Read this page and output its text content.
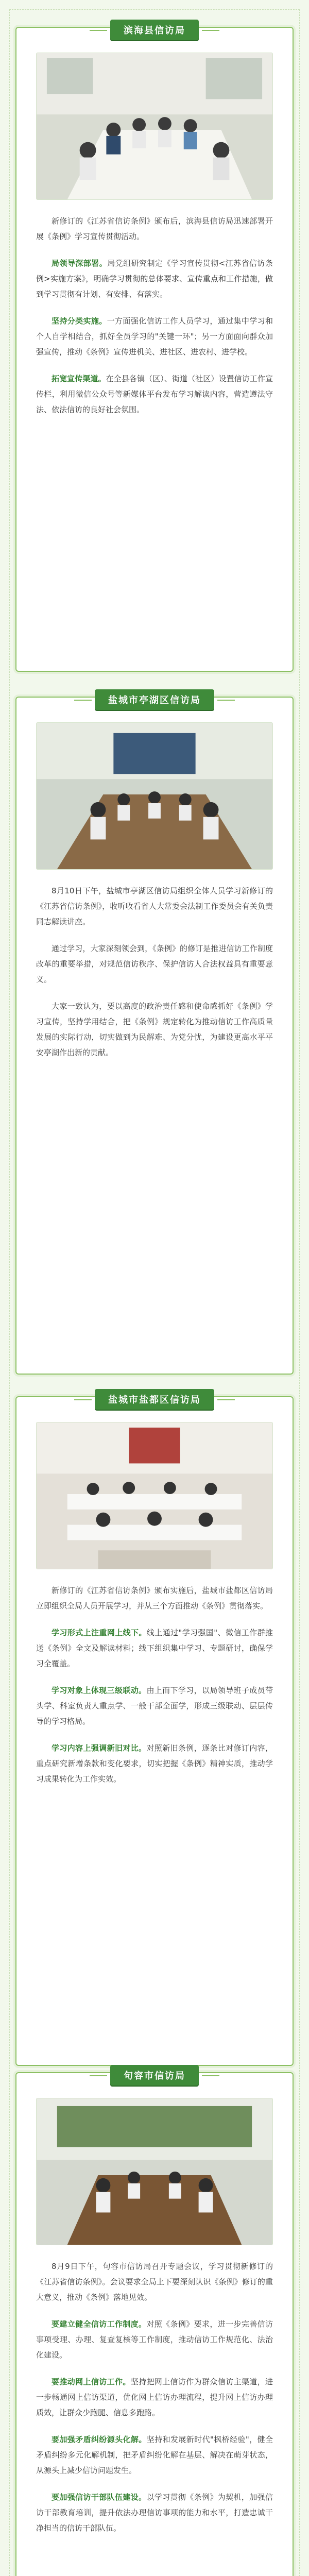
滨海县信访局

新修订的《江苏省信访条例》颁布后，滨海县信访局迅速部署开展《条例》学习宣传贯彻活动。

局领导深部署。局党组研究制定《学习宣传贯彻<江苏省信访条例>实施方案》，明确学习贯彻的总体要求、宣传重点和工作措施，做到学习贯彻有计划、有安排、有落实。

坚持分类实施。一方面强化信访工作人员学习，通过集中学习和个人自学相结合，抓好全员学习的"关键一环"；另一方面面向群众加强宣传，推动《条例》宣传进机关、进社区、进农村、进学校。

拓宽宣传渠道。在全县各镇（区）、街道（社区）设置信访工作宣传栏，利用微信公众号等新媒体平台发布学习解读内容，营造遵法守法、依法信访的良好社会氛围。

盐城市亭湖区信访局

8月10日下午，盐城市亭湖区信访局组织全体人员学习新修订的《江苏省信访条例》，收听收看省人大常委会法制工作委员会有关负责同志解读讲座。

通过学习，大家深刻领会到，《条例》的修订是推进信访工作制度改革的重要举措，对规范信访秩序、保护信访人合法权益具有重要意义。

大家一致认为，要以高度的政治责任感和使命感抓好《条例》学习宣传，坚持学用结合，把《条例》规定转化为推动信访工作高质量发展的实际行动，切实做到为民解难、为党分忧，为建设更高水平平安亭湖作出新的贡献。

盐城市盐都区信访局

新修订的《江苏省信访条例》颁布实施后，盐城市盐都区信访局立即组织全局人员开展学习，并从三个方面推动《条例》贯彻落实。

学习形式上注重网上线下。线上通过"学习强国"、微信工作群推送《条例》全文及解读材料；线下组织集中学习、专题研讨，确保学习全覆盖。

学习对象上体现三级联动。由上而下学习，以局领导班子成员带头学、科室负责人重点学、一般干部全面学，形成三级联动、层层传导的学习格局。

学习内容上强调新旧对比。对照新旧条例，逐条比对修订内容，重点研究新增条款和变化要求，切实把握《条例》精神实质，推动学习成果转化为工作实效。

句容市信访局

8月9日下午，句容市信访局召开专题会议，学习贯彻新修订的《江苏省信访条例》。会议要求全局上下要深刻认识《条例》修订的重大意义，推动《条例》落地见效。

要建立健全信访工作制度。对照《条例》要求，进一步完善信访事项受理、办理、复查复核等工作制度，推动信访工作规范化、法治化建设。

要推动网上信访工作。坚持把网上信访作为群众信访主渠道，进一步畅通网上信访渠道，优化网上信访办理流程，提升网上信访办理质效，让群众少跑腿、信息多跑路。

要加强矛盾纠纷源头化解。坚持和发展新时代"枫桥经验"，健全矛盾纠纷多元化解机制，把矛盾纠纷化解在基层、解决在萌芽状态，从源头上减少信访问题发生。

要加强信访干部队伍建设。以学习贯彻《条例》为契机，加强信访干部教育培训，提升依法办理信访事项的能力和水平，打造忠诚干净担当的信访干部队伍。
